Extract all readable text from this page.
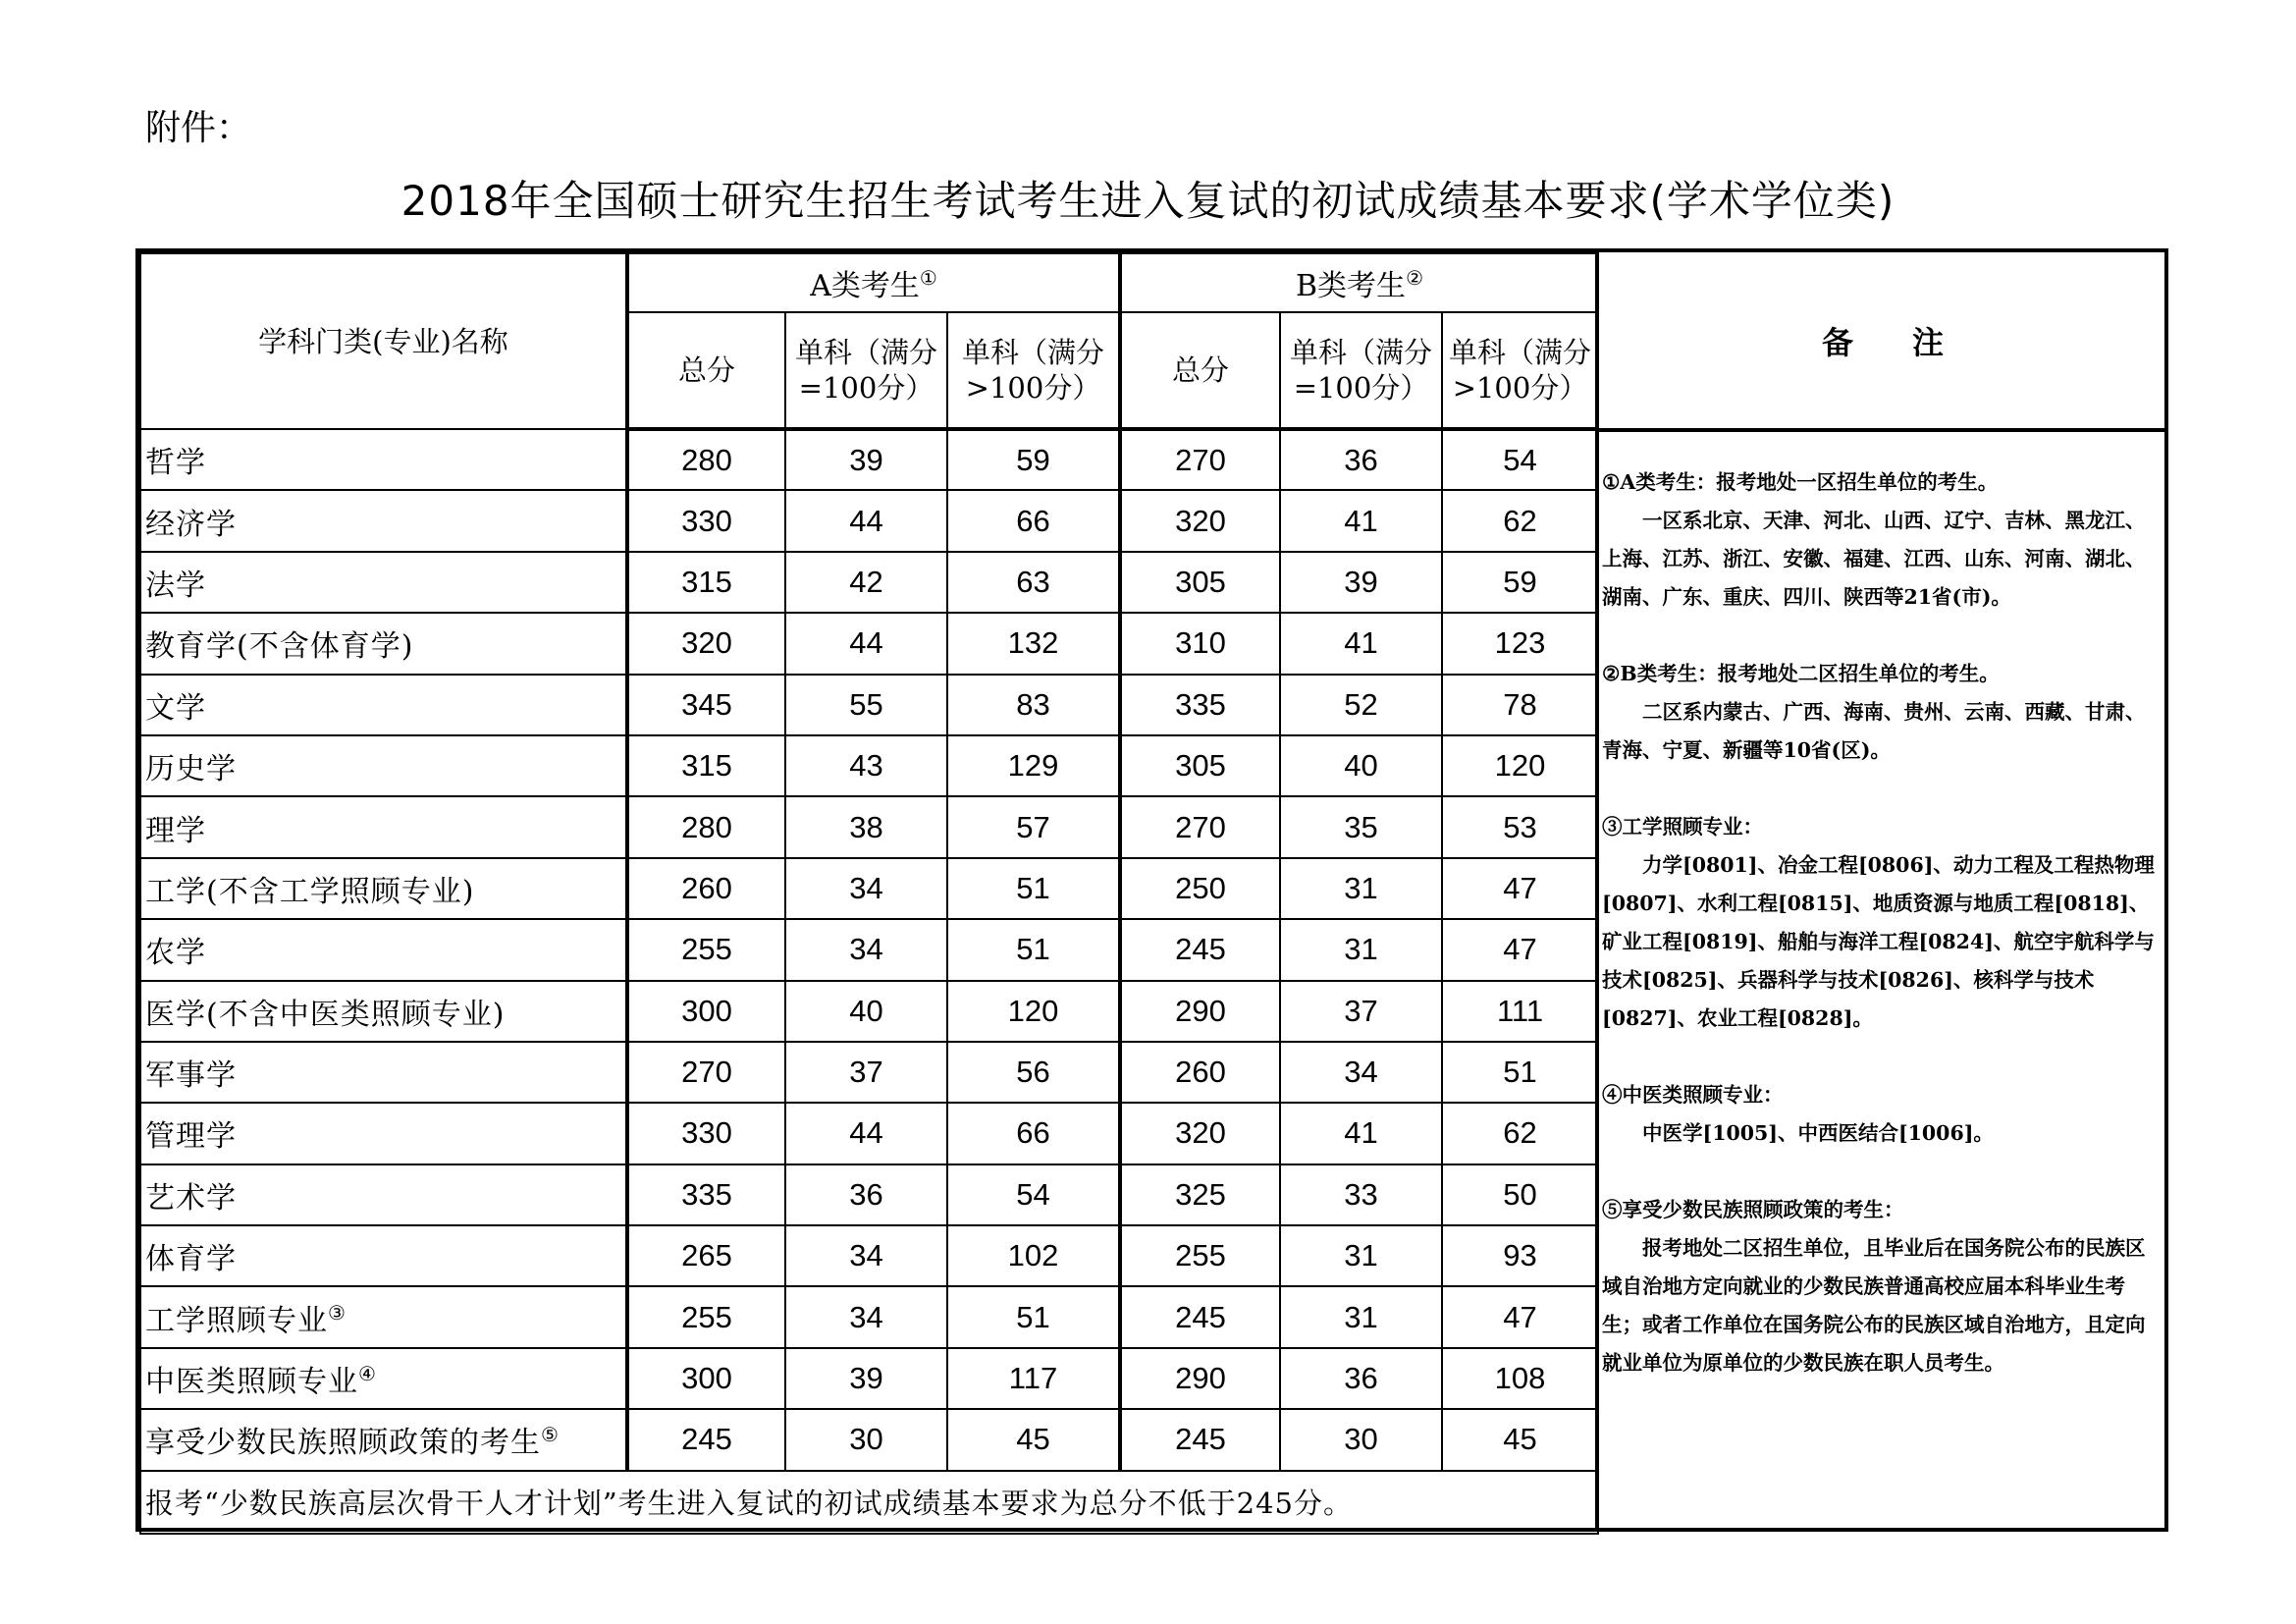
附件：
2018年全国硕士研究生招生考试考生进入复试的初试成绩基本要求(学术学位类)
学科门类(专业)名称	A类考生①			B类考生②
	总分	单科（满分=100分）	单科（满分>100分）	总分	单科（满分=100分）	单科（满分>100分）
哲学	280	39	59	270	36	54
经济学	330	44	66	320	41	62
法学	315	42	63	305	39	59
教育学(不含体育学)	320	44	132	310	41	123
文学	345	55	83	335	52	78
历史学	315	43	129	305	40	120
理学	280	38	57	270	35	53
工学(不含工学照顾专业)	260	34	51	250	31	47
农学	255	34	51	245	31	47
医学(不含中医类照顾专业)	300	40	120	290	37	111
军事学	270	37	56	260	34	51
管理学	330	44	66	320	41	62
艺术学	335	36	54	325	33	50
体育学	265	34	102	255	31	93
工学照顾专业③	255	34	51	245	31	47
中医类照顾专业④	300	39	117	290	36	108
享受少数民族照顾政策的考生⑤	245	30	45	245	30	45
报考“少数民族高层次骨干人才计划”考生进入复试的初试成绩基本要求为总分不低于245分。						
备注

①A类考生：报考地处一区招生单位的考生。

一区系北京、天津、河北、山西、辽宁、吉林、黑龙江、上海、江苏、浙江、安徽、福建、江西、山东、河南、湖北、湖南、广东、重庆、四川、陕西等21省(市)。

②B类考生：报考地处二区招生单位的考生。

二区系内蒙古、广西、海南、贵州、云南、西藏、甘肃、青海、宁夏、新疆等10省(区)。

③工学照顾专业：

力学[0801]、冶金工程[0806]、动力工程及工程热物理[0807]、水利工程[0815]、地质资源与地质工程[0818]、矿业工程[0819]、船舶与海洋工程[0824]、航空宇航科学与技术[0825]、兵器科学与技术[0826]、核科学与技术[0827]、农业工程[0828]。

④中医类照顾专业：

中医学[1005]、中西医结合[1006]。

⑤享受少数民族照顾政策的考生：

报考地处二区招生单位，且毕业后在国务院公布的民族区域自治地方定向就业的少数民族普通高校应届本科毕业生考生；或者工作单位在国务院公布的民族区域自治地方，且定向就业单位为原单位的少数民族在职人员考生。
